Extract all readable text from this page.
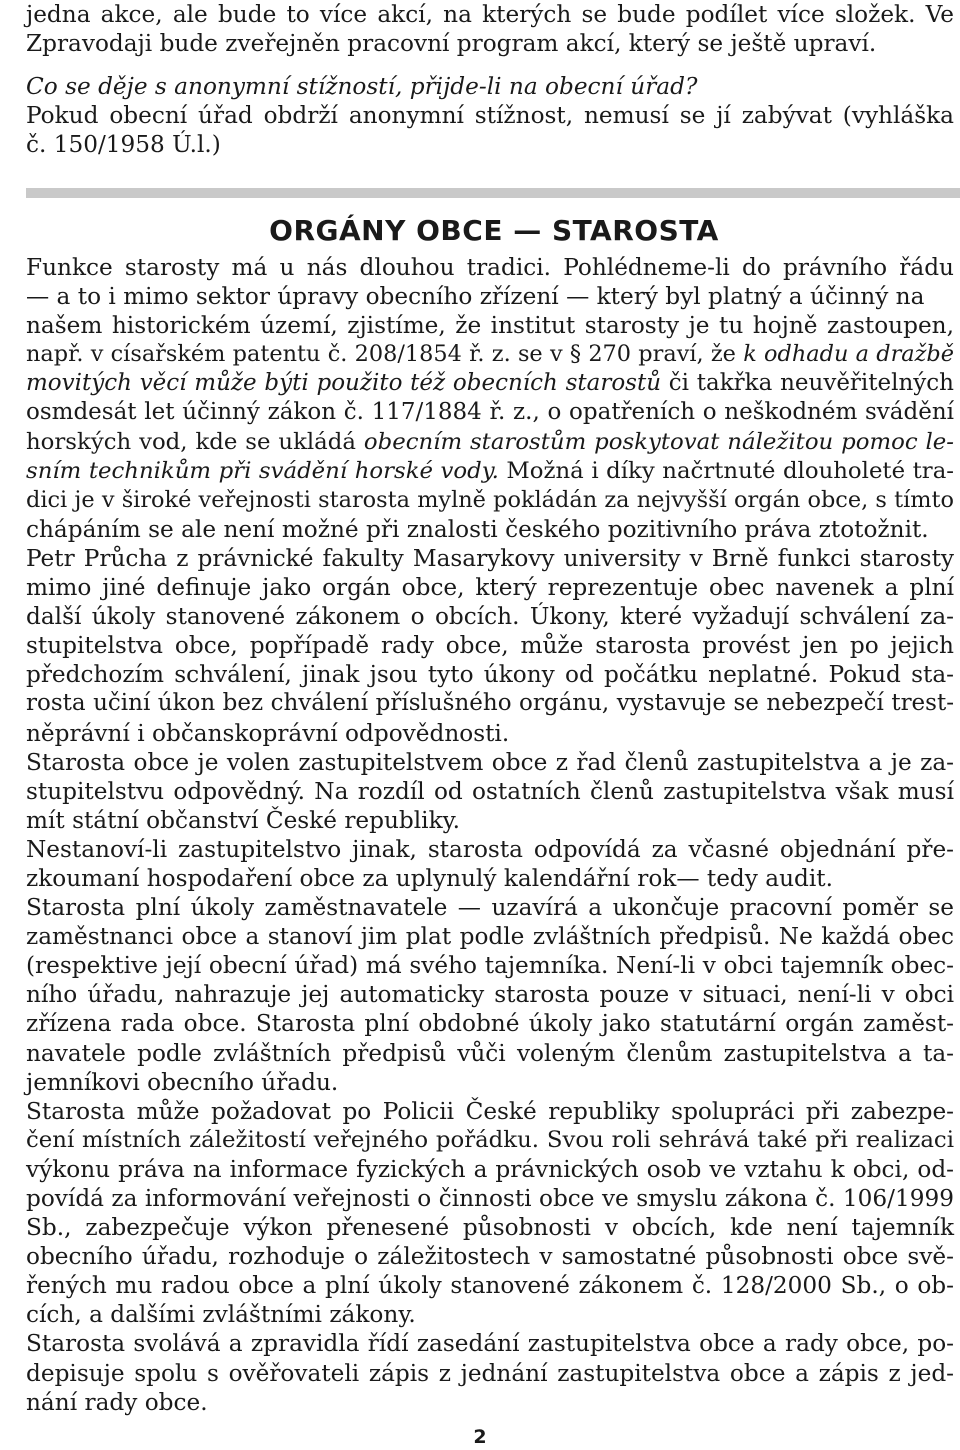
jedna akce, ale bude to více akcí, na kterých se bude podílet více složek. Ve
Zpravodaji bude zveřejněn pracovní program akcí, který se ještě upraví.

Co se děje s anonymní stížností, přijde-li na obecní úřad?
Pokud obecní úřad obdrží anonymní stížnost, nemusí se jí zabývat (vyhláška
č. 150/1958 Ú.l.)

ORGÁNY OBCE — STAROSTA

Funkce starosty má u nás dlouhou tradici. Pohlédneme-li do právního řádu
— a to i mimo sektor úpravy obecního zřízení — který byl platný a účinný na
našem historickém území, zjistíme, že institut starosty je tu hojně zastoupen,
např. v císařském patentu č. 208/1854 ř. z. se v § 270 praví, že k odhadu a dražbě
movitých věcí může býti použito též obecních starostů či takřka neuvěřitelných
osmdesát let účinný zákon č. 117/1884 ř. z., o opatřeních o neškodném svádění
horských vod, kde se ukládá obecním starostům poskytovat náležitou pomoc le-
sním technikům při svádění horské vody. Možná i díky načrtnuté dlouholeté tra-
dici je v široké veřejnosti starosta mylně pokládán za nejvyšší orgán obce, s tímto
chápáním se ale není možné při znalosti českého pozitivního práva ztotožnit.
Petr Průcha z právnické fakulty Masarykovy university v Brně funkci starosty
mimo jiné definuje jako orgán obce, který reprezentuje obec navenek a plní
další úkoly stanovené zákonem o obcích. Úkony, které vyžadují schválení za-
stupitelstva obce, popřípadě rady obce, může starosta provést jen po jejich
předchozím schválení, jinak jsou tyto úkony od počátku neplatné. Pokud sta-
rosta učiní úkon bez chválení příslušného orgánu, vystavuje se nebezpečí trest-
něprávní i občanskoprávní odpovědnosti.
Starosta obce je volen zastupitelstvem obce z řad členů zastupitelstva a je za-
stupitelstvu odpovědný. Na rozdíl od ostatních členů zastupitelstva však musí
mít státní občanství České republiky.
Nestanoví-li zastupitelstvo jinak, starosta odpovídá za včasné objednání pře-
zkoumaní hospodaření obce za uplynulý kalendářní rok— tedy audit.
Starosta plní úkoly zaměstnavatele — uzavírá a ukončuje pracovní poměr se
zaměstnanci obce a stanoví jim plat podle zvláštních předpisů. Ne každá obec
(respektive její obecní úřad) má svého tajemníka. Není-li v obci tajemník obec-
ního úřadu, nahrazuje jej automaticky starosta pouze v situaci, není-li v obci
zřízena rada obce. Starosta plní obdobné úkoly jako statutární orgán zaměst-
navatele podle zvláštních předpisů vůči voleným členům zastupitelstva a ta-
jemníkovi obecního úřadu.
Starosta může požadovat po Policii České republiky spolupráci při zabezpe-
čení místních záležitostí veřejného pořádku. Svou roli sehrává také při realizaci
výkonu práva na informace fyzických a právnických osob ve vztahu k obci, od-
povídá za informování veřejnosti o činnosti obce ve smyslu zákona č. 106/1999
Sb., zabezpečuje výkon přenesené působnosti v obcích, kde není tajemník
obecního úřadu, rozhoduje o záležitostech v samostatné působnosti obce svě-
řených mu radou obce a plní úkoly stanovené zákonem č. 128/2000 Sb., o ob-
cích, a dalšími zvláštními zákony.
Starosta svolává a zpravidla řídí zasedání zastupitelstva obce a rady obce, po-
depisuje spolu s ověřovateli zápis z jednání zastupitelstva obce a zápis z jed-
nání rady obce.

2
